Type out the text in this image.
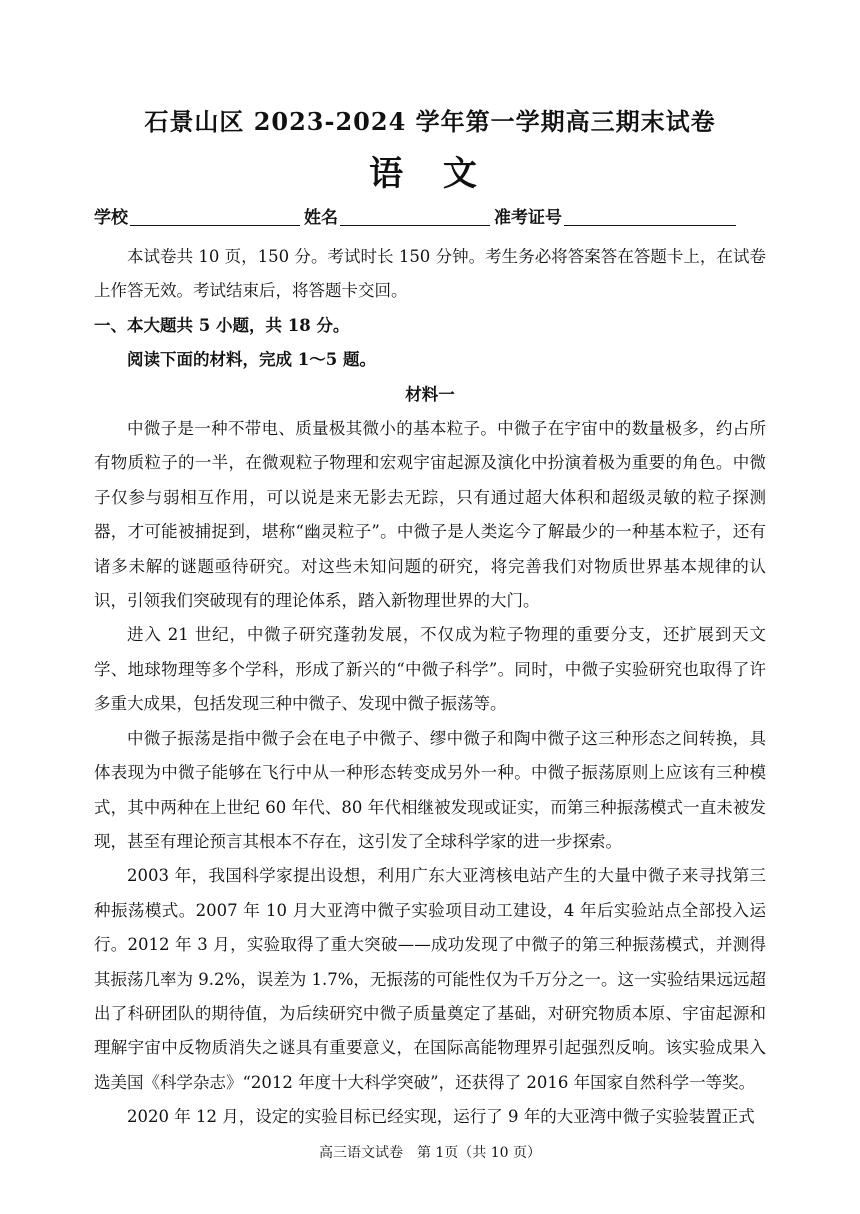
石景山区 2023-2024 学年第一学期高三期末试卷
语 文
学校	姓名	准考证号

本试卷共 10 页，150 分。考试时长 150 分钟。考生务必将答案答在答题卡上，在试卷上作答无效。考试结束后，将答题卡交回。

一、本大题共 5 小题，共 18 分。

阅读下面的材料，完成 1～5 题。

材料一

中微子是一种不带电、质量极其微小的基本粒子。中微子在宇宙中的数量极多，约占所有物质粒子的一半，在微观粒子物理和宏观宇宙起源及演化中扮演着极为重要的角色。中微子仅参与弱相互作用，可以说是来无影去无踪，只有通过超大体积和超级灵敏的粒子探测器，才可能被捕捉到，堪称“幽灵粒子”。中微子是人类迄今了解最少的一种基本粒子，还有诸多未解的谜题亟待研究。对这些未知问题的研究，将完善我们对物质世界基本规律的认识，引领我们突破现有的理论体系，踏入新物理世界的大门。

进入 21 世纪，中微子研究蓬勃发展，不仅成为粒子物理的重要分支，还扩展到天文学、地球物理等多个学科，形成了新兴的“中微子科学”。同时，中微子实验研究也取得了许多重大成果，包括发现三种中微子、发现中微子振荡等。

中微子振荡是指中微子会在电子中微子、缪中微子和陶中微子这三种形态之间转换，具体表现为中微子能够在飞行中从一种形态转变成另外一种。中微子振荡原则上应该有三种模式，其中两种在上世纪 60 年代、80 年代相继被发现或证实，而第三种振荡模式一直未被发现，甚至有理论预言其根本不存在，这引发了全球科学家的进一步探索。

2003 年，我国科学家提出设想，利用广东大亚湾核电站产生的大量中微子来寻找第三种振荡模式。2007 年 10 月大亚湾中微子实验项目动工建设，4 年后实验站点全部投入运行。2012 年 3 月，实验取得了重大突破——成功发现了中微子的第三种振荡模式，并测得其振荡几率为 9.2%，误差为 1.7%，无振荡的可能性仅为千万分之一。这一实验结果远远超出了科研团队的期待值，为后续研究中微子质量奠定了基础，对研究物质本原、宇宙起源和理解宇宙中反物质消失之谜具有重要意义，在国际高能物理界引起强烈反响。该实验成果入选美国《科学杂志》“2012 年度十大科学突破”，还获得了 2016 年国家自然科学一等奖。

2020 年 12 月，设定的实验目标已经实现，运行了 9 年的大亚湾中微子实验装置正式

高三语文试卷　第 1页（共 10 页）
